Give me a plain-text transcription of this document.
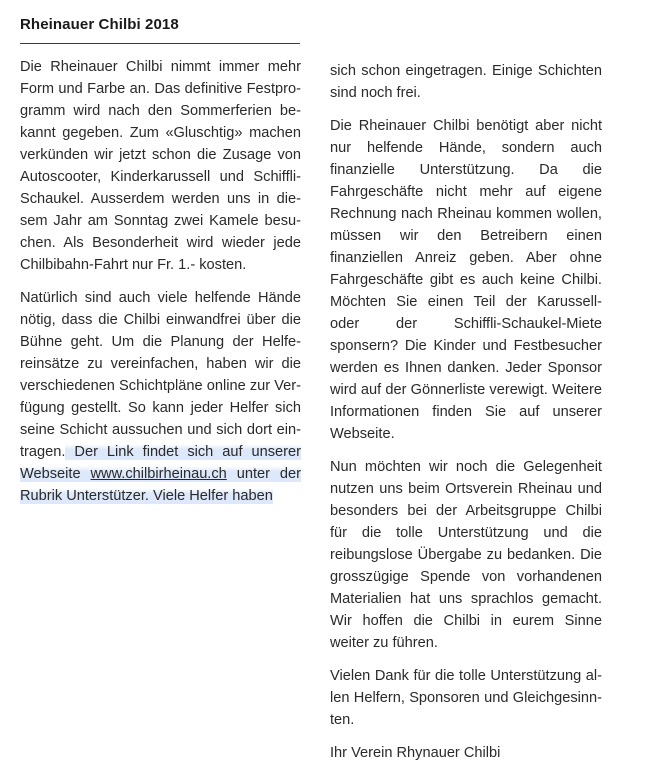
Rheinauer Chilbi 2018

Die Rheinauer Chilbi nimmt immer mehr Form und Farbe an. Das definitive Festprogramm wird nach den Sommerferien bekannt gegeben. Zum «Gluschtig» machen verkünden wir jetzt schon die Zusage von Autoscooter, Kinderkarussell und Schiffli-Schaukel. Ausserdem werden uns in diesem Jahr am Sonntag zwei Kamele besuchen. Als Besonderheit wird wieder jede Chilbibahn-Fahrt nur Fr. 1.- kosten.

Natürlich sind auch viele helfende Hände nötig, dass die Chilbi einwandfrei über die Bühne geht. Um die Planung der Helfereinsätze zu vereinfachen, haben wir die verschiedenen Schichtpläne online zur Verfügung gestellt. So kann jeder Helfer sich seine Schicht aussuchen und sich dort eintragen. Der Link findet sich auf unserer Webseite www.chilbirheinau.ch unter der Rubrik Unterstützer. Viele Helfer haben

sich schon eingetragen. Einige Schichten sind noch frei.

Die Rheinauer Chilbi benötigt aber nicht nur helfende Hände, sondern auch finanzielle Unterstützung. Da die Fahrgeschäfte nicht mehr auf eigene Rechnung nach Rheinau kommen wollen, müssen wir den Betreibern einen finanziellen Anreiz geben. Aber ohne Fahrgeschäfte gibt es auch keine Chilbi. Möchten Sie einen Teil der Karussell- oder der Schiffli-Schaukel-Miete sponsern? Die Kinder und Festbesucher werden es Ihnen danken. Jeder Sponsor wird auf der Gönnerliste verewigt. Weitere Informationen finden Sie auf unserer Webseite.

Nun möchten wir noch die Gelegenheit nutzen uns beim Ortsverein Rheinau und besonders bei der Arbeitsgruppe Chilbi für die tolle Unterstützung und die reibungslose Übergabe zu bedanken. Die grosszügige Spende von vorhandenen Materialien hat uns sprachlos gemacht. Wir hoffen die Chilbi in eurem Sinne weiter zu führen.

Vielen Dank für die tolle Unterstützung allen Helfern, Sponsoren und Gleichgesinnten.

Ihr Verein Rhynauer Chilbi
